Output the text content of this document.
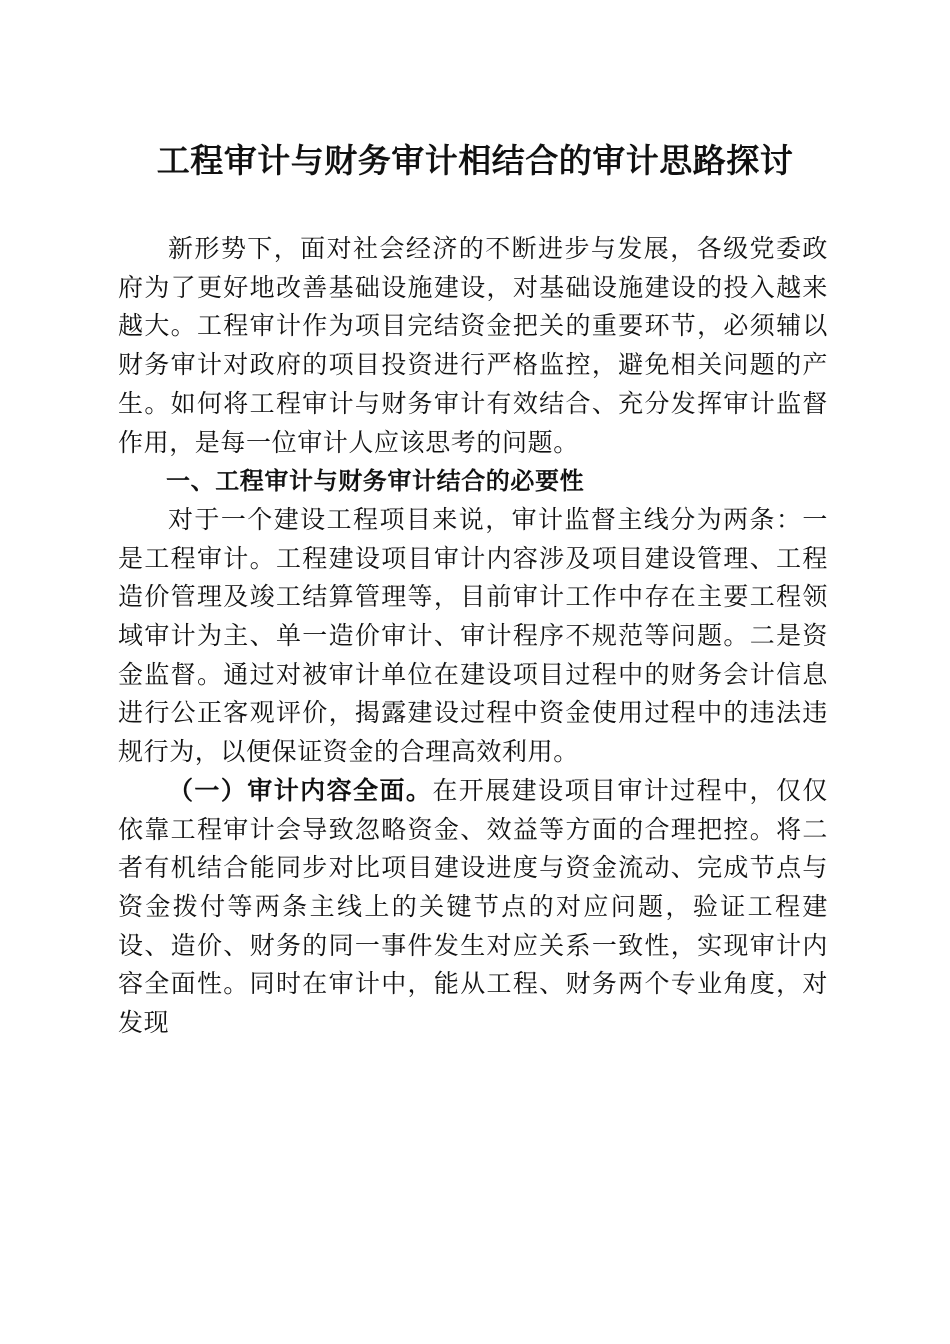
工程审计与财务审计相结合的审计思路探讨

新形势下，面对社会经济的不断进步与发展，各级党委政府为了更好地改善基础设施建设，对基础设施建设的投入越来越大。工程审计作为项目完结资金把关的重要环节，必须辅以财务审计对政府的项目投资进行严格监控，避免相关问题的产生。如何将工程审计与财务审计有效结合、充分发挥审计监督作用，是每一位审计人应该思考的问题。

一、工程审计与财务审计结合的必要性

对于一个建设工程项目来说，审计监督主线分为两条：一是工程审计。工程建设项目审计内容涉及项目建设管理、工程造价管理及竣工结算管理等，目前审计工作中存在主要工程领域审计为主、单一造价审计、审计程序不规范等问题。二是资金监督。通过对被审计单位在建设项目过程中的财务会计信息进行公正客观评价，揭露建设过程中资金使用过程中的违法违规行为，以便保证资金的合理高效利用。

（一）审计内容全面。在开展建设项目审计过程中，仅仅依靠工程审计会导致忽略资金、效益等方面的合理把控。将二者有机结合能同步对比项目建设进度与资金流动、完成节点与资金拨付等两条主线上的关键节点的对应问题，验证工程建设、造价、财务的同一事件发生对应关系一致性，实现审计内容全面性。同时在审计中，能从工程、财务两个专业角度，对发现
